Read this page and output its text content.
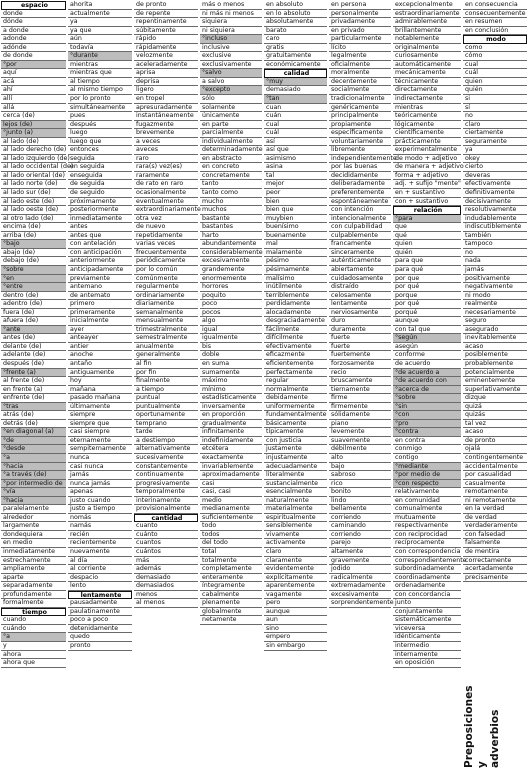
espacio
donde
dónde
a donde
adonde
adónde
de donde
°por
aquí
acá
ahí
allí
allá
cerca (de)
lejos (de)
°junto (a)
al lado (de)
al lado derecho (de)
al lado izquierdo (de)
al lado occidental (de)
al lado oriental (de)
al lado norte (de)
al lado sur (de)
al lado este (de)
al lado oeste (de)
al otro lado (de)
encima (de)
arriba (de)
°bajo
abajo (de)
debajo (de)
°sobre
°en
°entre
dentro (de)
adentro (de)
fuera (de)
afuera (de)
°ante
antes (de)
delante (de)
adelante (de)
después (de)
°frente (a)
al frente (de)
en frente (a)
enfrente (de)
°tras
atrás (de)
detrás (de)
°en diagonal (a)
°de
°desde
°a
°hacia
°a través (de)
°por intermedio de
°vía
°hacia
paralelamente
alrededor
largamente
dondequiera
en medio
inmediatamente
estrechamente
ampliamente
aparte
separadamente
profundamente
formalmente
tiempo
cuando
cuándo
°a
y
ahora
ahora que
ahorita
actualmente
ya
ya que
aún
todavía
°durante
mientras
mientras que
al tiempo
al mismo tiempo
por lo pronto
simultáneamente
pues
después
luego
luego que
entonces
seguida
en seguida
enseguida
de seguida
de seguido
próximamente
posteriormente
inmediatamente
antes
antes que
con antelación
con anticipación
anteriormente
anticipadamente
previamente
antemano
de antemato
primero
primeramente
inicialmente
ayer
anteayer
antier
anoche
antaño
antiguamente
hoy
mañana
pasado mañana
últimamente
siempre
siempre que
casi siempre
eternamente
sempiternamente
nunca
casi nunca
jamás
nunca jamás
apenas
justo cuando
justo a tiempo
nomás
namás
recién
recientemente
nuevamente
al día
al corriente
despacio
lento
lentamente
pausadamente
paulatinamente
poco a poco
detenidamente
quedo
pronto
de pronto
de repente
repentinamente
súbitamente
rápido
rápidamente
velozmente
aceleradamente
aprisa
deprisa
ligero
en tropel
apresuradamente
instantáneamente
fugazmente
brevemente
a veces
aveces
raro
rara(s) vez(es)
raramente
de rato en raro
ocasionalmente
eventualmente
extraordinariamente
otra vez
de nuevo
repetidamente
varias veces
frecuentemente
periódicamente
por lo común
comúnmente
regularmente
ordinariamente
diariamente
semanalmente
mensualmente
trimestralmente
semestralmente
anualmente
generalmente
al fin
por fin
finalmente
a tiempo
puntual
puntualmente
oportunamente
temprano
tarde
a destiempo
alternativamente
sucesivamente
constantemente
continuamente
progresivamente
temporalmente
interinamente
provisionalmente
cantidad
cuanto
cuánto
cuantos
cuántos
más
además
demasiado
demasiados
menos
al menos
más o menos
ni más ni menos
siquiera
ni siquiera
°incluso
inclusive
exclusive
exclusivamente
°salvo
a salvo
°excepto
sólo
solamente
únicamente
en parte
parcialmente
individualmente
determinadamente
en abstracto
en concreto
concretamente
tanto
tanto como
mucho
muchos
bastante
bastantes
harto
abundantemente
considerablemente
excesivamente
grandemente
enormemente
horrores
poquito
poco
pocos
algo
igual
igualmente
bis
doble
en suma
sumamente
máximo
mínimo
estadísticamente
inversamente
en proporción
gradualmente
infinitamente
indefinidamente
etcétera
exactamente
invariablemente
aproximadamente
casi
casi, casi
medio
medianamente
suficientemente
todo
todos
del todo
total
totalmente
completamente
enteramente
íntegramente
cabalmente
plenamente
globalmente
netamente
en absoluto
en lo absoluto
absolutamente
barato
caro
gratis
gratuitamente
económicamente
calidad
°muy
demasiado
°tan
cuan
cuán
cual
cuál
así
así que
asimismo
asina
tal
mejor
peor
bien
bien que
muybien
buenísimo
buenamente
mal
malamente
pésimo
pésimamente
malísimo
inútilmente
terriblemente
perdidamente
alocadamente
desgraciadamente
fácilmente
difícilmente
efectivamente
eficazmente
eficientemente
perfectamente
regular
normalmente
debidamente
uniformemente
fundamentalmente
básicamente
típicamente
con justicia
justamente
injustamente
adecuadamente
literalmente
sustancialmente
esencialmente
naturalmente
materialmente
espiritualmente
sensiblemente
vivamente
activamente
claro
claramente
evidentemente
explícitamente
aparentemente
vagamente
pero
aunque
aun
sino
empero
sin embargo
en persona
personalmente
privadamente
en privado
particularmente
lícito
legalmente
oficialmente
moralmente
decentemente
socialmente
tradicionalmente
genéricamente
principalmente
propiamente
específicamente
voluntariamente
libremente
independientemente
por las buenas
decididamente
deliberadamente
preferentemente
espontáneamente
con intención
intencionalmente
con culpabilidad
culpablemente
francamente
sinceramente
auténticamente
abiertamente
cuidadosamente
distraído
celosamente
lentamente
nerviosamente
duro
duramente
fuerte
fuerte
fuertemente
forzosamente
recio
bruscamente
tiernamente
firme
firmemente
sólidamente
piano
levemente
suavemente
débilmente
alto
bajo
sabroso
rico
bonito
lindo
bellamente
corriendo
caminando
corriendo
parejo
altamente
gravemente
jodido
radicalmente
extremadamente
excesivamente
sorprendentemente
excepcionalmente
estraordinariamente
admirablemente
brillantemente
notablemente
originalmente
curiosamente
automáticamente
mecánicamente
técnicamente
directamente
indirectamente
mientras
teóricamente
lógicamente
científicamente
prácticamente
experimentalmente
de modo + adjetivo
de manera + adjetivo
forma + adjetivo
adj. + sufijo "mente"
en + sustantivo
con + sustantivo
relación
°para
que
qué
quien
quién
para que
para qué
por que
por qué
porque
por qué
porqué
aunque
con tal que
°según
asegún
conforme
de acuerdo
°de acuerdo a
°de acuerdo con
°acerca de
°sobre
°sin
°con
°pro
°contra
en contra
conmigo
contigo
°mediante
°por medio de
°con respecto
relativamente
en comunidad
comunalmente
mutuamente
respectivamente
con reciprocidad
recíprocamente
con correspondencia
correspondientemente
subordinadamente
coordinadamente
ordenadamente
con concordancia
junto
conjuntamente
sistemáticamente
viceversa
idénticamente
intermedio
internamente
en oposición
en consecuencia
consecuentemente
en resumen
en conclusión
modo
como
cómo
cual
cuál
quien
quién
si
sí
no
claro
ciertamente
seguramente
ya
okey
cierto
deveras
efectivamente
definitivamente
decisivamente
resolutivamente
indudablemente
indiscutiblemente
también
tampoco
no
nada
jamás
positivamente
negativamente
ni modo
realmente
necesariamente
seguro
asegurado
inevitablemente
acaso
posiblemente
probablemente
potencialmente
eminentemente
superlativamente
dizque
quizá
quizás
tal vez
acaso
de pronto
ojalá
contingentemente
accidentalmente
por casualidad
casualmente
remotamente
ni remotamente
en la verdad
de verdad
verdaderamente
con falsedad
falsamente
de mentira
correctamente
acertadamente
precisamente
Preposiciones y adverbios
